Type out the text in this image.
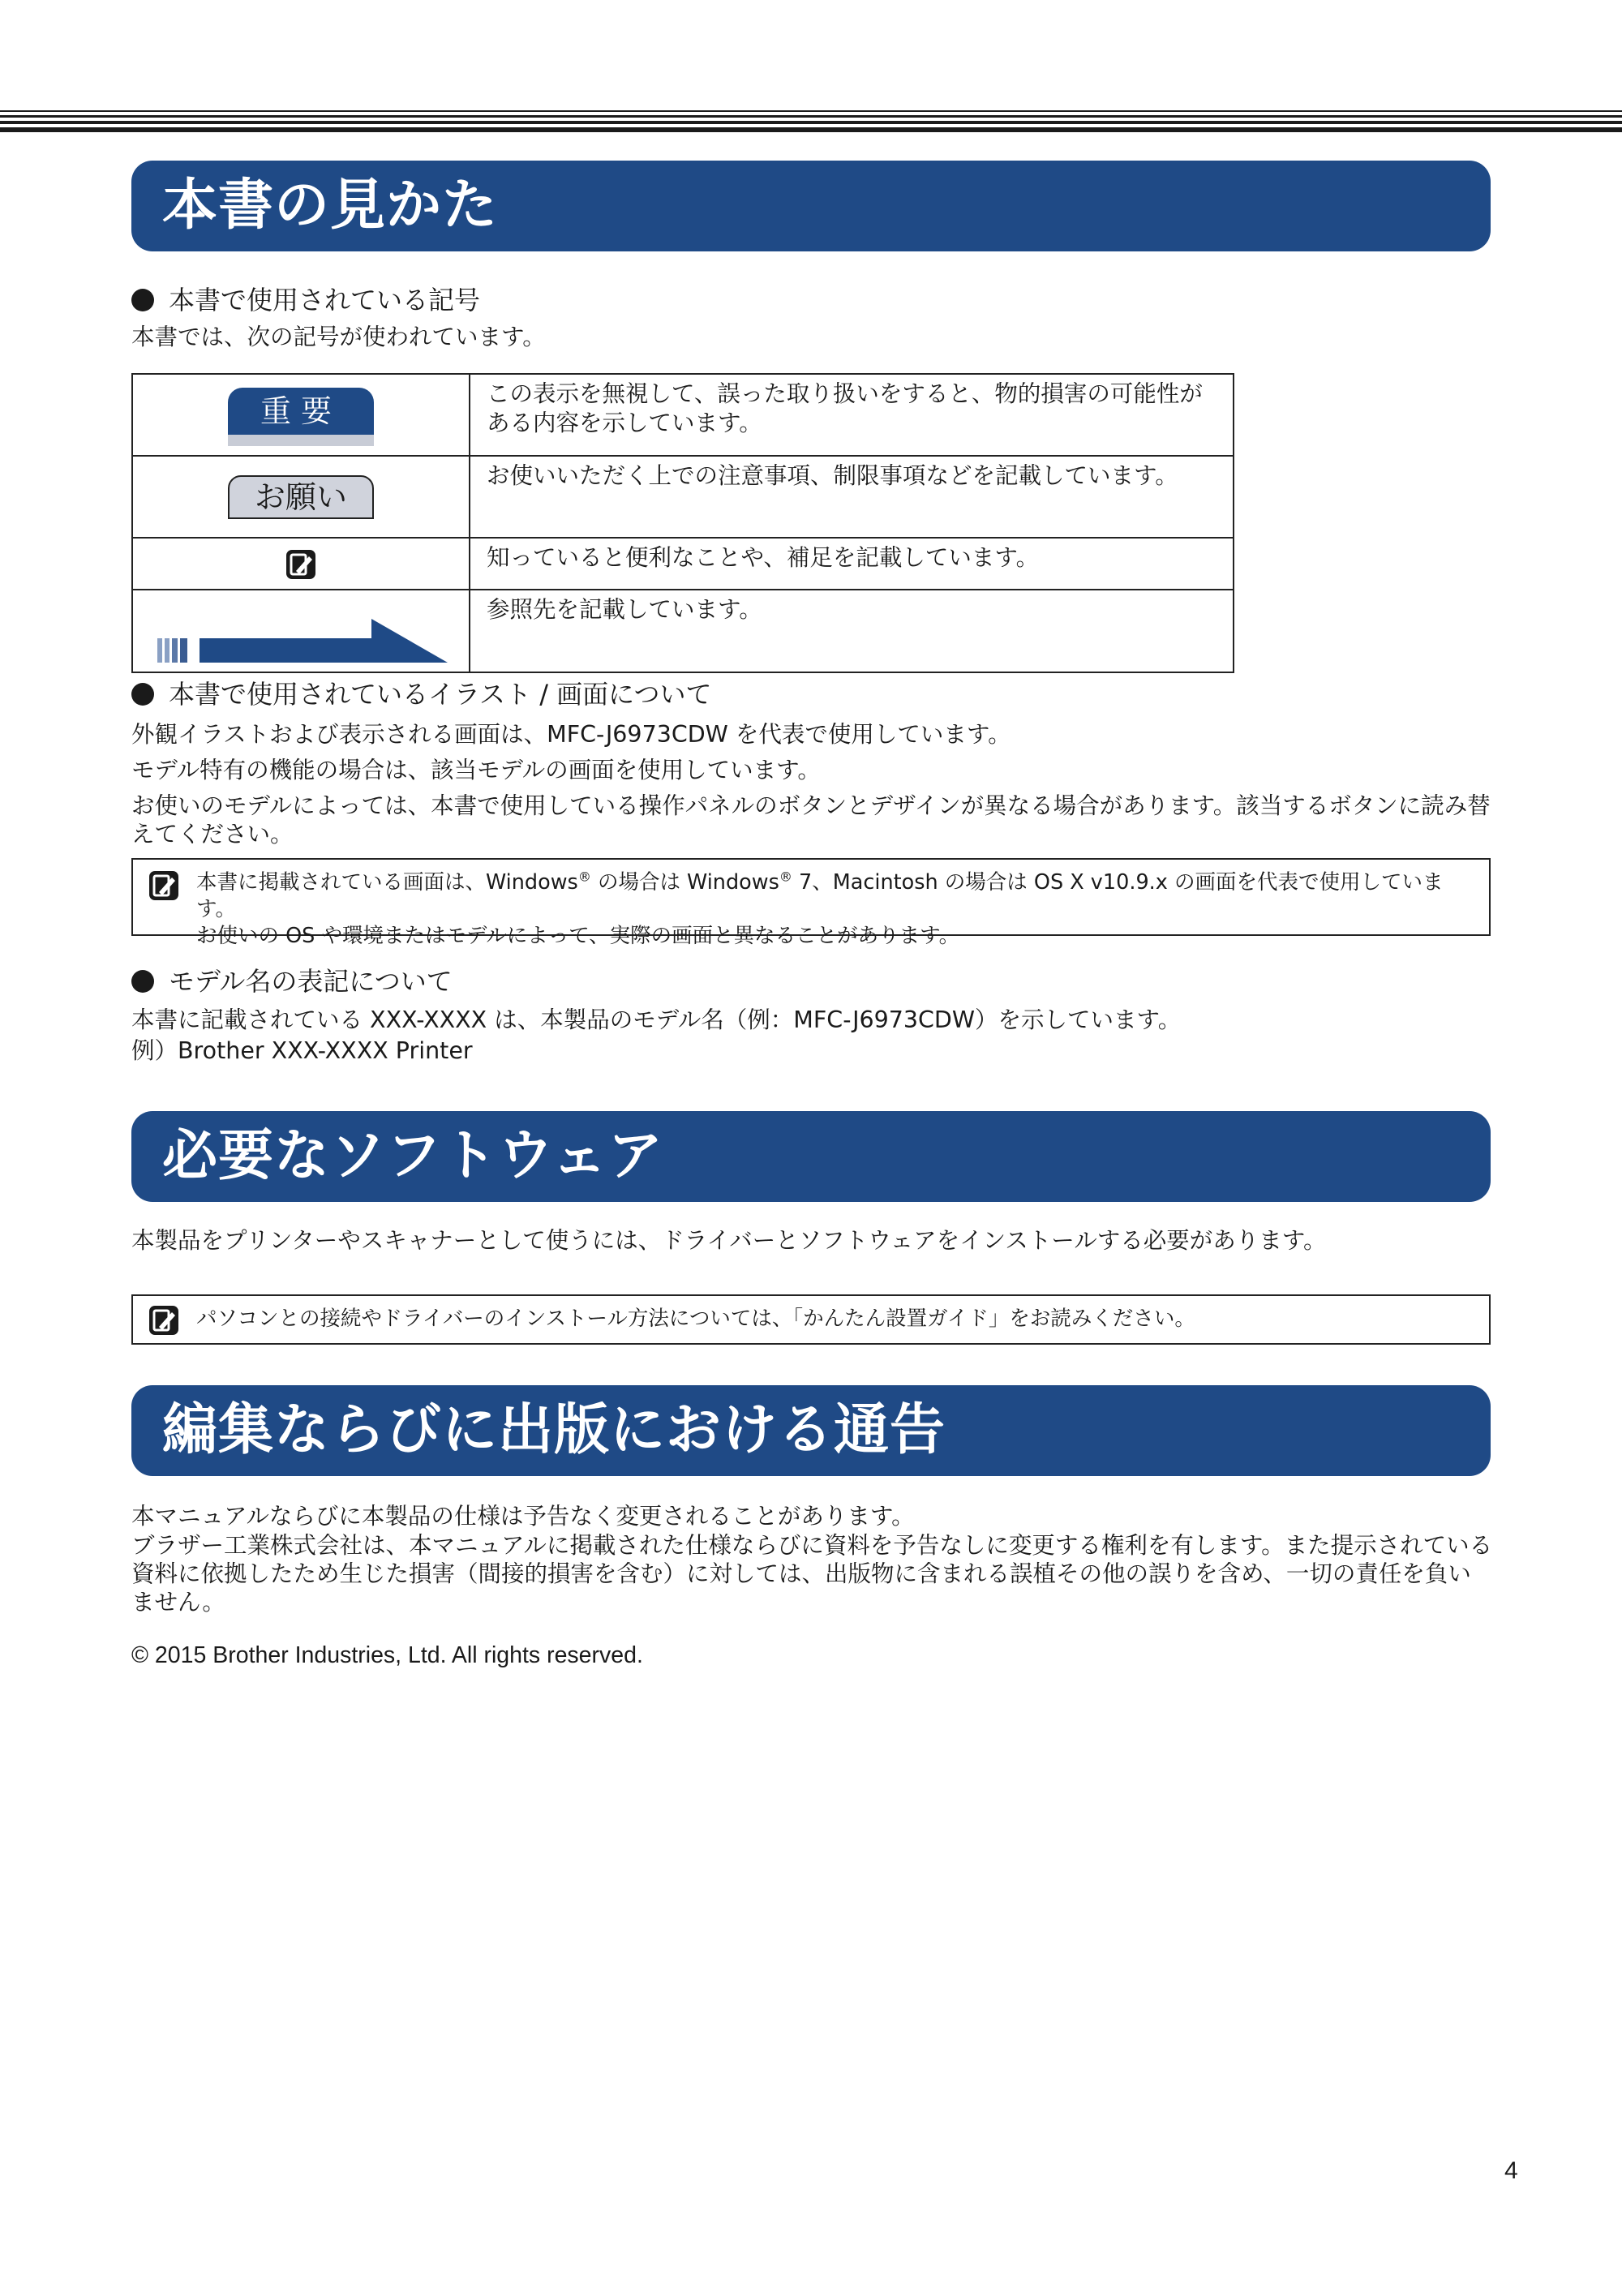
本書の見かた
本書で使用されている記号
本書では、次の記号が使われています。
重要	この表示を無視して、誤った取り扱いをすると、物的損害の可能性がある内容を示しています。
お願い	お使いいただく上での注意事項、制限事項などを記載しています。

	知っていると便利なことや、補足を記載しています。

	参照先を記載しています。
本書で使用されているイラスト / 画面について
外観イラストおよび表示される画面は、MFC-J6973CDW を代表で使用しています。
モデル特有の機能の場合は、該当モデルの画面を使用しています。
お使いのモデルによっては、本書で使用している操作パネルのボタンとデザインが異なる場合があります。該当するボタンに読み替えてください。
本書に掲載されている画面は、Windows® の場合は Windows® 7、Macintosh の場合は OS X v10.9.x の画面を代表で使用しています。
お使いの OS や環境またはモデルによって、実際の画面と異なることがあります。
モデル名の表記について
本書に記載されている XXX-XXXX は、本製品のモデル名（例：MFC-J6973CDW）を示しています。
例）Brother XXX-XXXX Printer
必要なソフトウェア
本製品をプリンターやスキャナーとして使うには、ドライバーとソフトウェアをインストールする必要があります。
パソコンとの接続やドライバーのインストール方法については、「かんたん設置ガイド」をお読みください。
編集ならびに出版における通告
本マニュアルならびに本製品の仕様は予告なく変更されることがあります。
ブラザー工業株式会社は、本マニュアルに掲載された仕様ならびに資料を予告なしに変更する権利を有します。また提示されている資料に依拠したため生じた損害（間接的損害を含む）に対しては、出版物に含まれる誤植その他の誤りを含め、一切の責任を負いません。
© 2015 Brother Industries, Ltd. All rights reserved.
4
